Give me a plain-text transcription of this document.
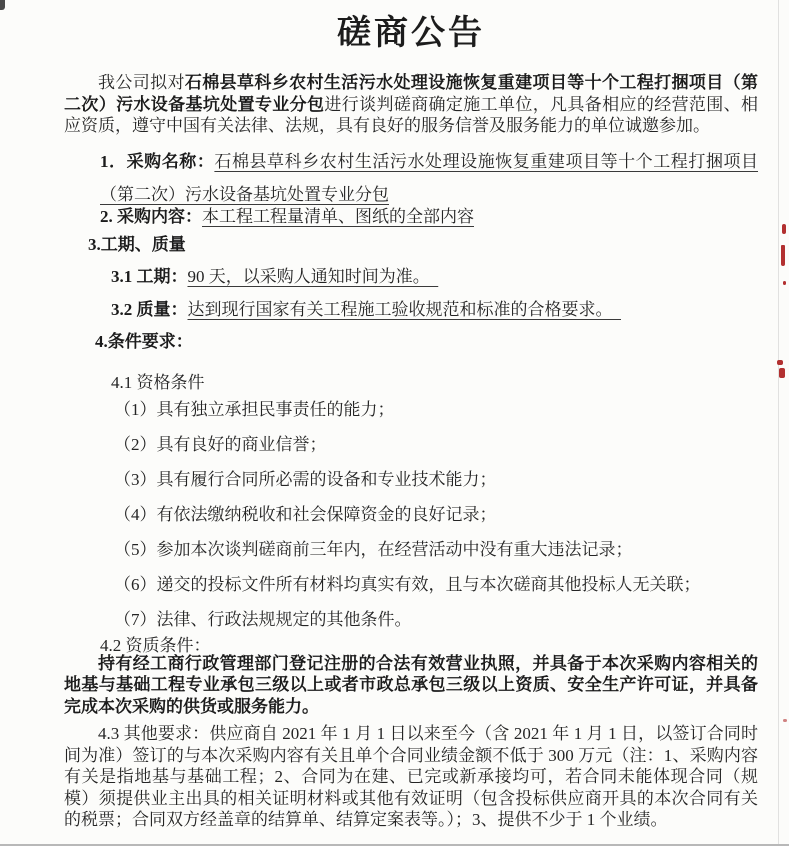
磋商公告

我公司拟对石棉县草科乡农村生活污水处理设施恢复重建项目等十个工程打捆项目（第二次）污水设备基坑处置专业分包进行谈判磋商确定施工单位，凡具备相应的经营范围、相应资质，遵守中国有关法律、法规，具有良好的服务信誉及服务能力的单位诚邀参加。

1．采购名称：石棉县草科乡农村生活污水处理设施恢复重建项目等十个工程打捆项目（第二次）污水设备基坑处置专业分包

2. 采购内容：本工程工程量清单、图纸的全部内容

3.工期、质量

3.1 工期：90 天，以采购人通知时间为准。　

3.2 质量：达到现行国家有关工程施工验收规范和标准的合格要求。　

4.条件要求：

4.1 资格条件

（1）具有独立承担民事责任的能力；

（2）具有良好的商业信誉；

（3）具有履行合同所必需的设备和专业技术能力；

（4）有依法缴纳税收和社会保障资金的良好记录；

（5）参加本次谈判磋商前三年内，在经营活动中没有重大违法记录；

（6）递交的投标文件所有材料均真实有效，且与本次磋商其他投标人无关联；

（7）法律、行政法规规定的其他条件。

4.2 资质条件：

持有经工商行政管理部门登记注册的合法有效营业执照，并具备于本次采购内容相关的地基与基础工程专业承包三级以上或者市政总承包三级以上资质、安全生产许可证，并具备完成本次采购的供货或服务能力。

4.3 其他要求：供应商自 2021 年 1 月 1 日以来至今（含 2021 年 1 月 1 日，以签订合同时间为准）签订的与本次采购内容有关且单个合同业绩金额不低于 300 万元（注：1、采购内容有关是指地基与基础工程；2、合同为在建、已完或新承接均可，若合同未能体现合同（规模）须提供业主出具的相关证明材料或其他有效证明（包含投标供应商开具的本次合同有关的税票；合同双方经盖章的结算单、结算定案表等。）；3、提供不少于 1 个业绩。
